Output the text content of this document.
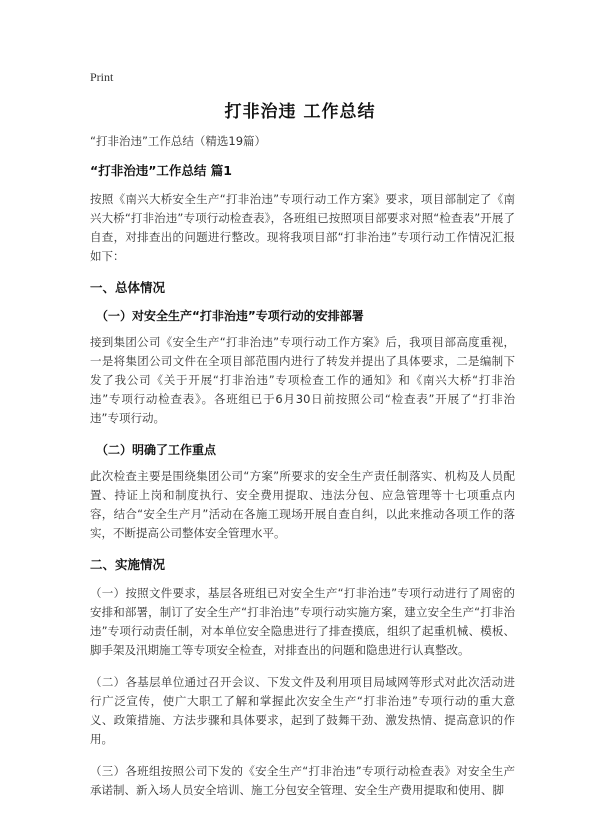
Print
打非治违 工作总结

“打非治违”工作总结（精选19篇）

“打非治违”工作总结 篇1

按照《南兴大桥安全生产“打非治违”专项行动工作方案》要求，项目部制定了《南兴大桥“打非治违”专项行动检查表》，各班组已按照项目部要求对照“检查表”开展了自查，对排查出的问题进行整改。现将我项目部“打非治违”专项行动工作情况汇报如下：

一、总体情况

（一）对安全生产“打非治违”专项行动的安排部署

接到集团公司《安全生产“打非治违”专项行动工作方案》后，我项目部高度重视，一是将集团公司文件在全项目部范围内进行了转发并提出了具体要求，二是编制下发了我公司《关于开展“打非治违”专项检查工作的通知》和《南兴大桥“打非治违”专项行动检查表》。各班组已于6月30日前按照公司“检查表”开展了“打非治违”专项行动。

（二）明确了工作重点

此次检查主要是围绕集团公司“方案”所要求的安全生产责任制落实、机构及人员配置、持证上岗和制度执行、安全费用提取、违法分包、应急管理等十七项重点内容，结合“安全生产月”活动在各施工现场开展自查自纠，以此来推动各项工作的落实，不断提高公司整体安全管理水平。

二、实施情况

（一）按照文件要求，基层各班组已对安全生产“打非治违”专项行动进行了周密的安排和部署，制订了安全生产“打非治违”专项行动实施方案，建立安全生产“打非治违”专项行动责任制，对本单位安全隐患进行了排查摸底，组织了起重机械、模板、脚手架及汛期施工等专项安全检查，对排查出的问题和隐患进行认真整改。

（二）各基层单位通过召开会议、下发文件及利用项目局域网等形式对此次活动进行广泛宣传，使广大职工了解和掌握此次安全生产“打非治违”专项行动的重大意义、政策措施、方法步骤和具体要求，起到了鼓舞干劲、激发热情、提高意识的作用。

（三）各班组按照公司下发的《安全生产“打非治违”专项行动检查表》对安全生产承诺制、新入场人员安全培训、施工分包安全管理、安全生产费用提取和使用、脚
